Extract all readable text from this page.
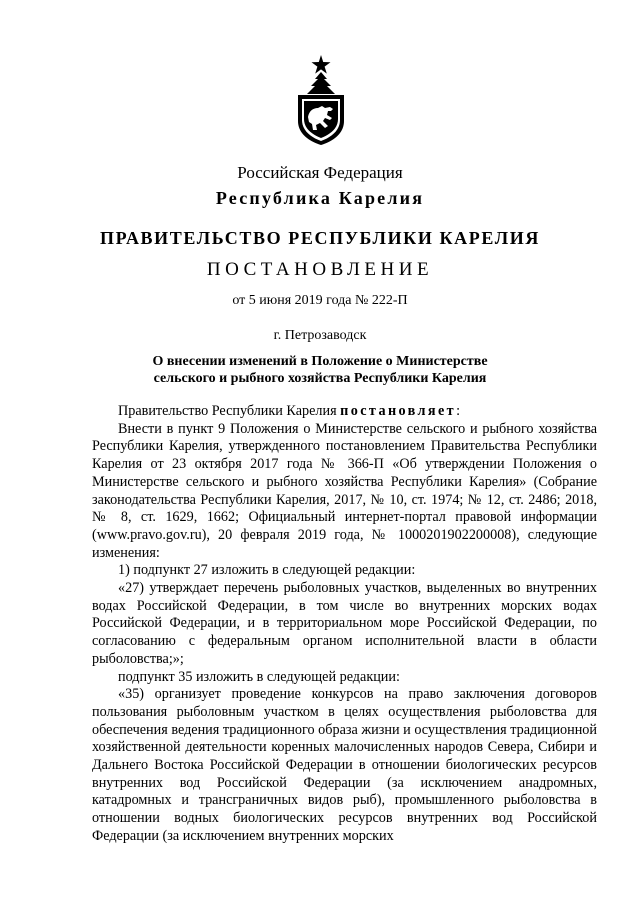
Российская Федерация
Республика Карелия
ПРАВИТЕЛЬСТВО РЕСПУБЛИКИ КАРЕЛИЯ
ПОСТАНОВЛЕНИЕ
от 5 июня 2019 года № 222-П
г. Петрозаводск
О внесении изменений в Положение о Министерстве
сельского и рыбного хозяйства Республики Карелия

Правительство Республики Карелия постановляет:

Внести в пункт 9 Положения о Министерстве сельского и рыбного хозяйства Республики Карелия, утвержденного постановлением Правительства Республики Карелия от 23 октября 2017 года № 366-П «Об утверждении Положения о Министерстве сельского и рыбного хозяйства Республики Карелия» (Собрание законодательства Республики Карелия, 2017, № 10, ст. 1974; № 12, ст. 2486; 2018, № 8, ст. 1629, 1662; Официальный интернет-портал правовой информации (www.pravo.gov.ru), 20 февраля 2019 года, № 1000201902200008), следующие изменения:

1) подпункт 27 изложить в следующей редакции:

«27) утверждает перечень рыболовных участков, выделенных во внутренних водах Российской Федерации, в том числе во внутренних морских водах Российской Федерации, и в территориальном море Российской Федерации, по согласованию с федеральным органом исполнительной власти в области рыболовства;»;

подпункт 35 изложить в следующей редакции:

«35) организует проведение конкурсов на право заключения договоров пользования рыболовным участком в целях осуществления рыболовства для обеспечения ведения традиционного образа жизни и осуществления традиционной хозяйственной деятельности коренных малочисленных народов Севера, Сибири и Дальнего Востока Российской Федерации в отношении биологических ресурсов внутренних вод Российской Федерации (за исключением анадромных, катадромных и трансграничных видов рыб), промышленного рыболовства в отношении водных биологических ресурсов внутренних вод Российской Федерации (за исключением внутренних морских
